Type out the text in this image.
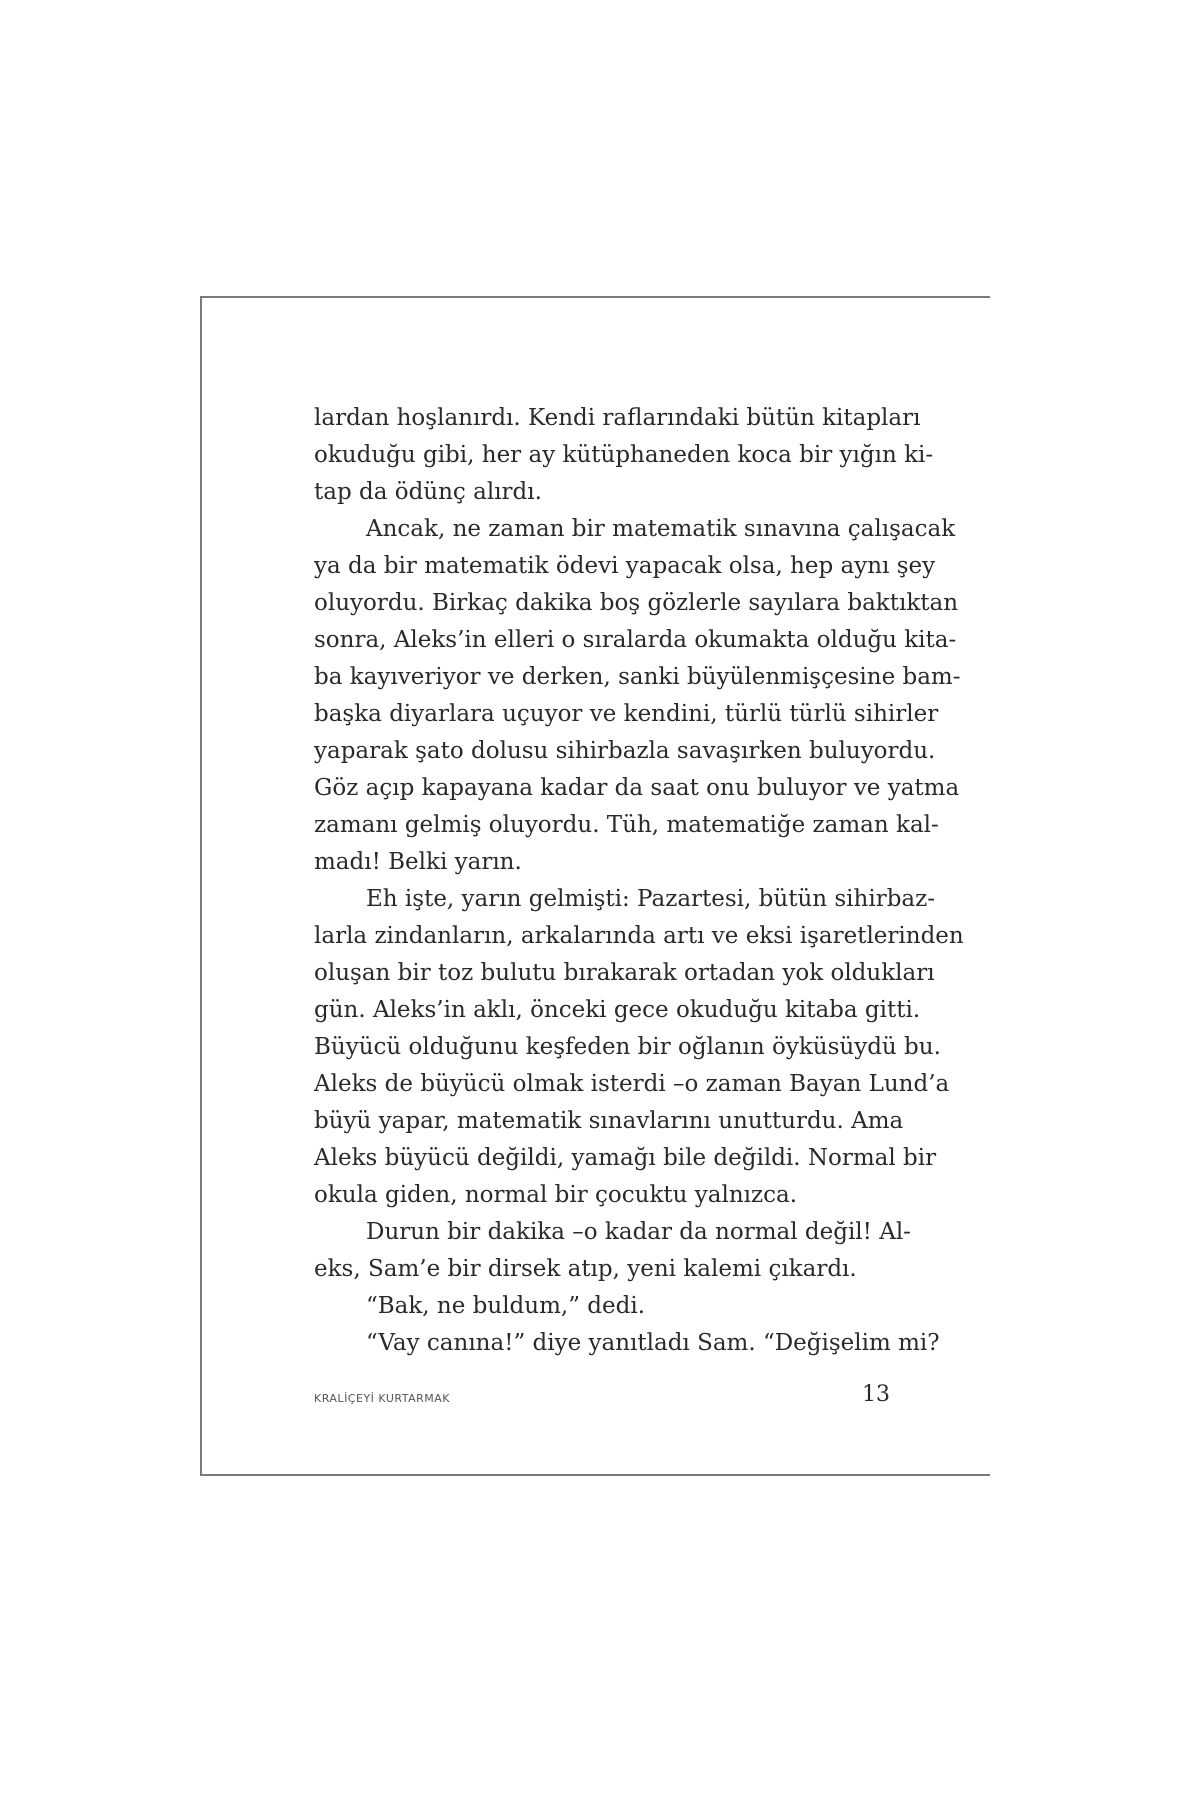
lardan hoşlanırdı. Kendi raflarındaki bütün kitapları
okuduğu gibi, her ay kütüphaneden koca bir yığın ki-
tap da ödünç alırdı.
Ancak, ne zaman bir matematik sınavına çalışacak
ya da bir matematik ödevi yapacak olsa, hep aynı şey
oluyordu. Birkaç dakika boş gözlerle sayılara baktıktan
sonra, Aleks’in elleri o sıralarda okumakta olduğu kita-
ba kayıveriyor ve derken, sanki büyülenmişçesine bam-
başka diyarlara uçuyor ve kendini, türlü türlü sihirler
yaparak şato dolusu sihirbazla savaşırken buluyordu.
Göz açıp kapayana kadar da saat onu buluyor ve yatma
zamanı gelmiş oluyordu. Tüh, matematiğe zaman kal-
madı! Belki yarın.
Eh işte, yarın gelmişti: Pazartesi, bütün sihirbaz-
larla zindanların, arkalarında artı ve eksi işaretlerinden
oluşan bir toz bulutu bırakarak ortadan yok oldukları
gün. Aleks’in aklı, önceki gece okuduğu kitaba gitti.
Büyücü olduğunu keşfeden bir oğlanın öyküsüydü bu.
Aleks de büyücü olmak isterdi –o zaman Bayan Lund’a
büyü yapar, matematik sınavlarını unutturdu. Ama
Aleks büyücü değildi, yamağı bile değildi. Normal bir
okula giden, normal bir çocuktu yalnızca.
Durun bir dakika –o kadar da normal değil! Al-
eks, Sam’e bir dirsek atıp, yeni kalemi çıkardı.
“Bak, ne buldum,” dedi.
“Vay canına!” diye yanıtladı Sam. “Değişelim mi?
KRALİÇEYİ KURTARMAK	13
